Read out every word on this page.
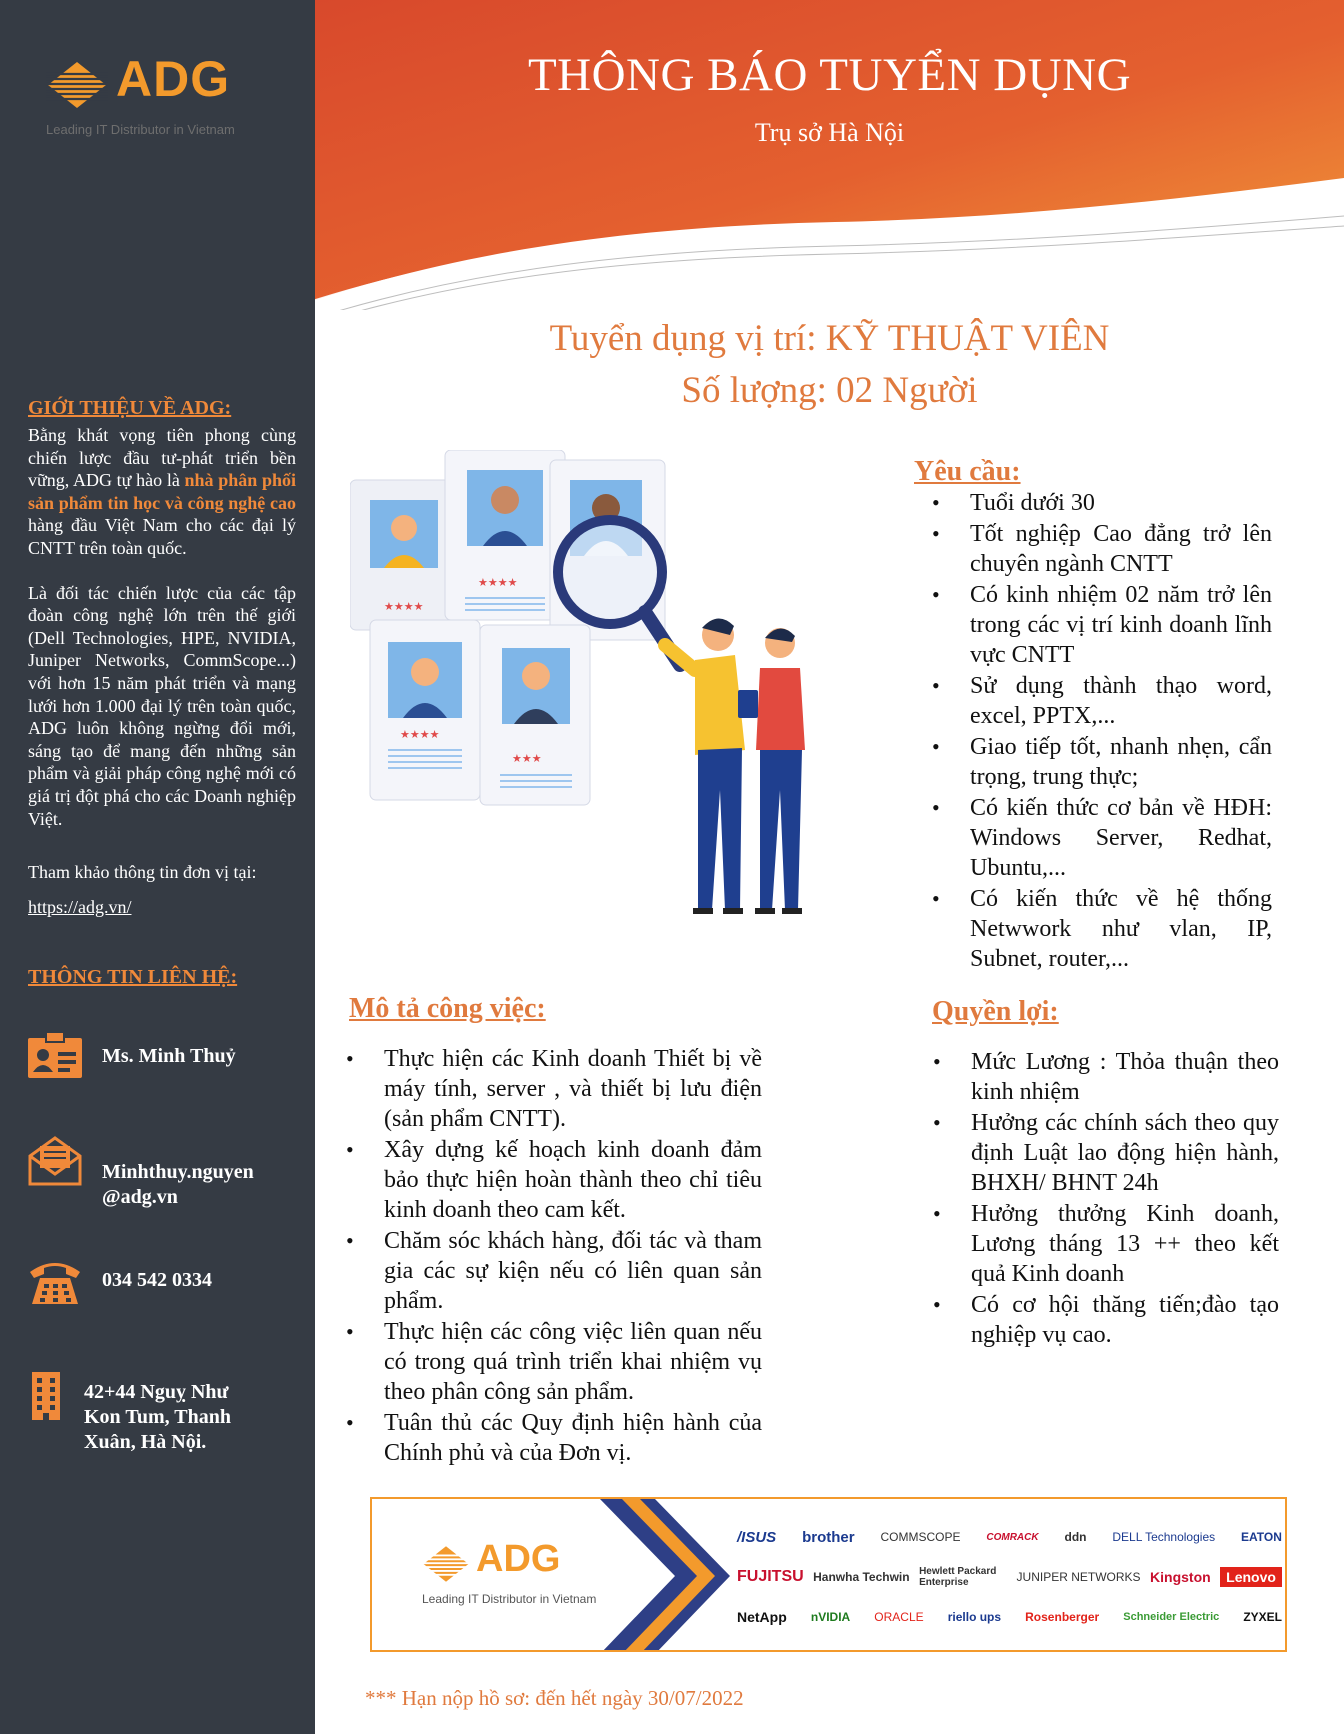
ADG
Leading IT Distributor in Vietnam
GIỚI THIỆU VỀ ADG:

Bằng khát vọng tiên phong cùng chiến lược đầu tư-phát triển bền vững, ADG tự hào là nhà phân phối sản phẩm tin học và công nghệ cao hàng đầu Việt Nam cho các đại lý CNTT trên toàn quốc.

Là đối tác chiến lược của các tập đoàn công nghệ lớn trên thế giới (Dell Technologies, HPE, NVIDIA, Juniper Networks, CommScope...) với hơn 15 năm phát triển và mạng lưới hơn 1.000 đại lý trên toàn quốc, ADG luôn không ngừng đổi mới, sáng tạo để mang đến những sản phẩm và giải pháp công nghệ mới có giá trị đột phá cho các Doanh nghiệp Việt.

Tham khảo thông tin đơn vị tại:
https://adg.vn/
THÔNG TIN LIÊN HỆ:
Ms. Minh Thuỷ
Minhthuy.nguyen
@adg.vn
034 542 0334
42+44 Nguỵ Như
Kon Tum, Thanh
Xuân, Hà Nội.
THÔNG BÁO TUYỂN DỤNG
Trụ sở Hà Nội
Tuyển dụng vị trí: KỸ THUẬT VIÊN
Số lượng: 02 Người
★★★★
★★★★
★★★★
★★★
Yêu cầu:
• Tuổi dưới 30
• Tốt nghiệp Cao đẳng trở lên chuyên ngành CNTT
• Có kinh nhiệm 02 năm trở lên trong các vị trí kinh doanh lĩnh vực CNTT
• Sử dụng thành thạo word, excel, PPTX,...
• Giao tiếp tốt, nhanh nhẹn, cẩn trọng, trung thực;
• Có kiến thức cơ bản về HĐH: Windows Server, Redhat, Ubuntu,...
• Có kiến thức về hệ thống Netwwork như vlan, IP, Subnet, router,...
Mô tả công việc:
• Thực hiện các Kinh doanh Thiết bị về máy tính, server , và thiết bị lưu điện (sản phẩm CNTT).
• Xây dựng kế hoạch kinh doanh đảm bảo thực hiện hoàn thành theo chỉ tiêu kinh doanh theo cam kết.
• Chăm sóc khách hàng, đối tác và tham gia các sự kiện nếu có liên quan sản phẩm.
• Thực hiện các công việc liên quan nếu có trong quá trình triển khai nhiệm vụ theo phân công sản phẩm.
• Tuân thủ các Quy định hiện hành của Chính phủ và của Đơn vị.
Quyền lợi:
• Mức Lương : Thỏa thuận theo kinh nhiệm
• Hưởng các chính sách theo quy định Luật lao động hiện hành, BHXH/ BHNT 24h
• Hưởng thưởng Kinh doanh, Lương tháng 13 ++ theo kết quả Kinh doanh
• Có cơ hội thăng tiến;đào tạo nghiệp vụ cao.
ADG
Leading IT Distributor in Vietnam
/ISUS brother COMMSCOPE	COMRACK ddn DELL Technologies EATON
FUJITSU Hanwha Techwin Hewlett Packard Enterprise	JUNIPER NETWORKS Kingston	Lenovo
NetApp nVIDIA ORACLE riello ups Rosenberger Schneider Electric ZYXEL
*** Hạn nộp hồ sơ: đến hết ngày 30/07/2022
